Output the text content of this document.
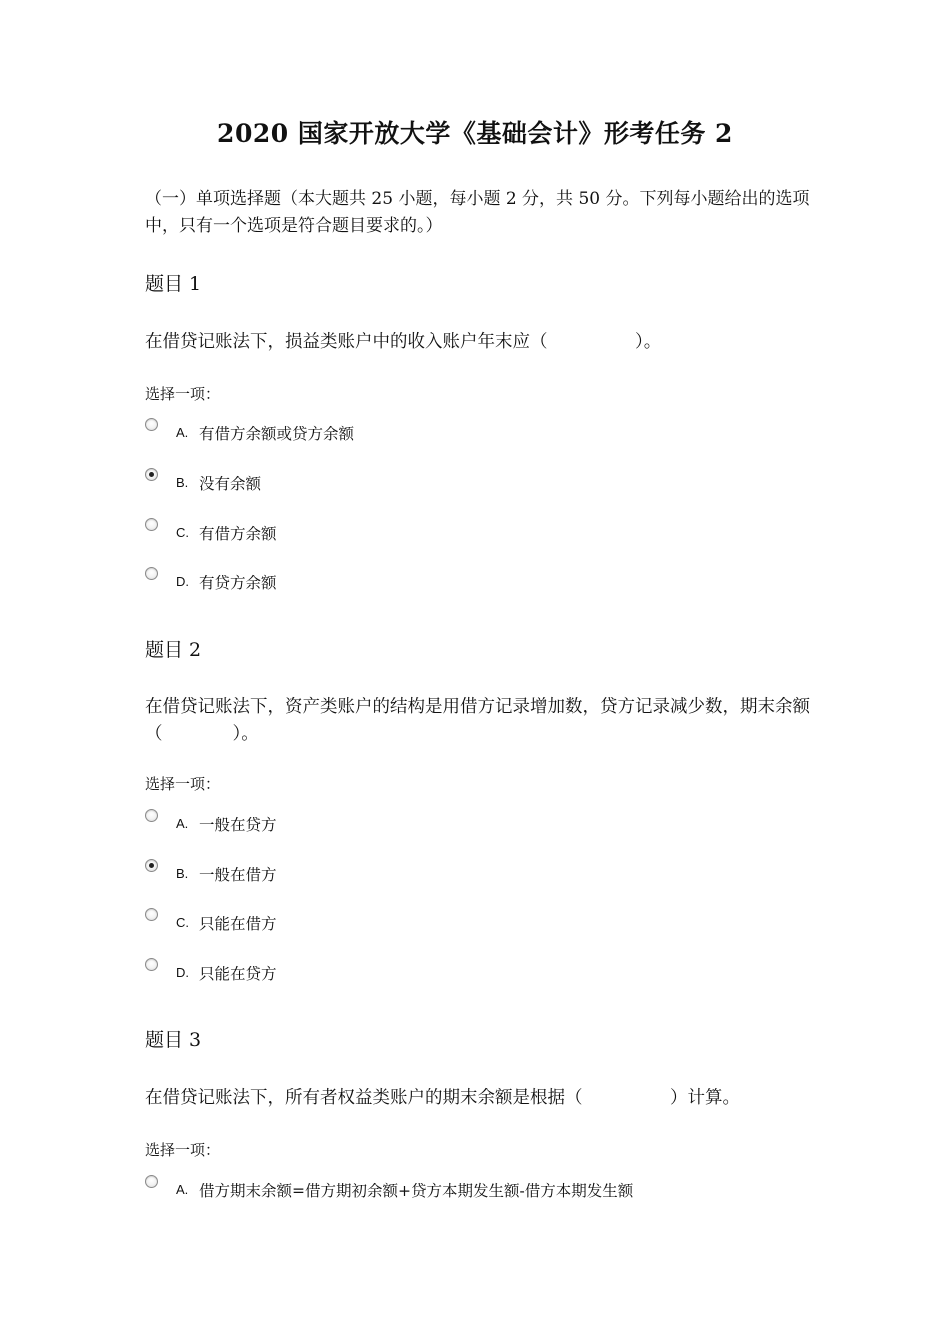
2020 国家开放大学《基础会计》形考任务 2
（一）单项选择题（本大题共 25 小题，每小题 2 分，共 50 分。下列每小题给出的选项中，只有一个选项是符合题目要求的。）
题目 1
在借贷记账法下，损益类账户中的收入账户年末应（　　　　　）。
选择一项：
A. 有借方余额或贷方余额
B. 没有余额
C. 有借方余额
D. 有贷方余额
题目 2
在借贷记账法下，资产类账户的结构是用借方记录增加数，贷方记录减少数，期末余额（　　　　）。
选择一项：
A. 一般在贷方
B. 一般在借方
C. 只能在借方
D. 只能在贷方
题目 3
在借贷记账法下，所有者权益类账户的期末余额是根据（　　　　　）计算。
选择一项：
A. 借方期末余额=借方期初余额+贷方本期发生额-借方本期发生额
